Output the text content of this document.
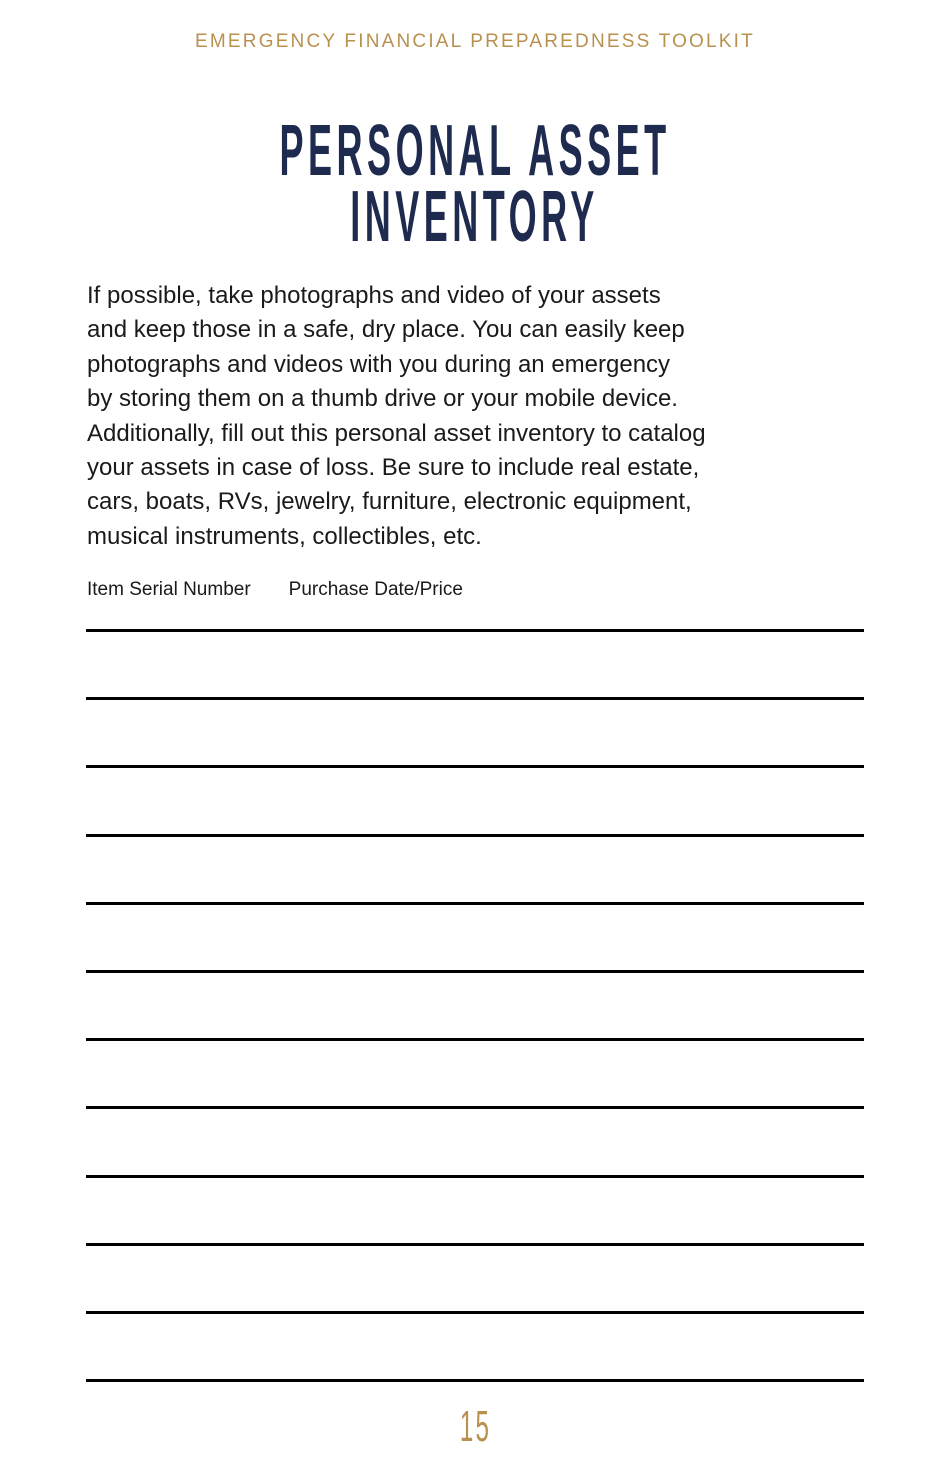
EMERGENCY FINANCIAL PREPAREDNESS TOOLKIT
PERSONAL ASSET
INVENTORY
If possible, take photographs and video of your assets
and keep those in a safe, dry place. You can easily keep
photographs and videos with you during an emergency
by storing them on a thumb drive or your mobile device.
Additionally, fill out this personal asset inventory to catalog
your assets in case of loss. Be sure to include real estate,
cars, boats, RVs, jewelry, furniture, electronic equipment,
musical instruments, collectibles, etc.
Item Serial Number Purchase Date/Price
15
